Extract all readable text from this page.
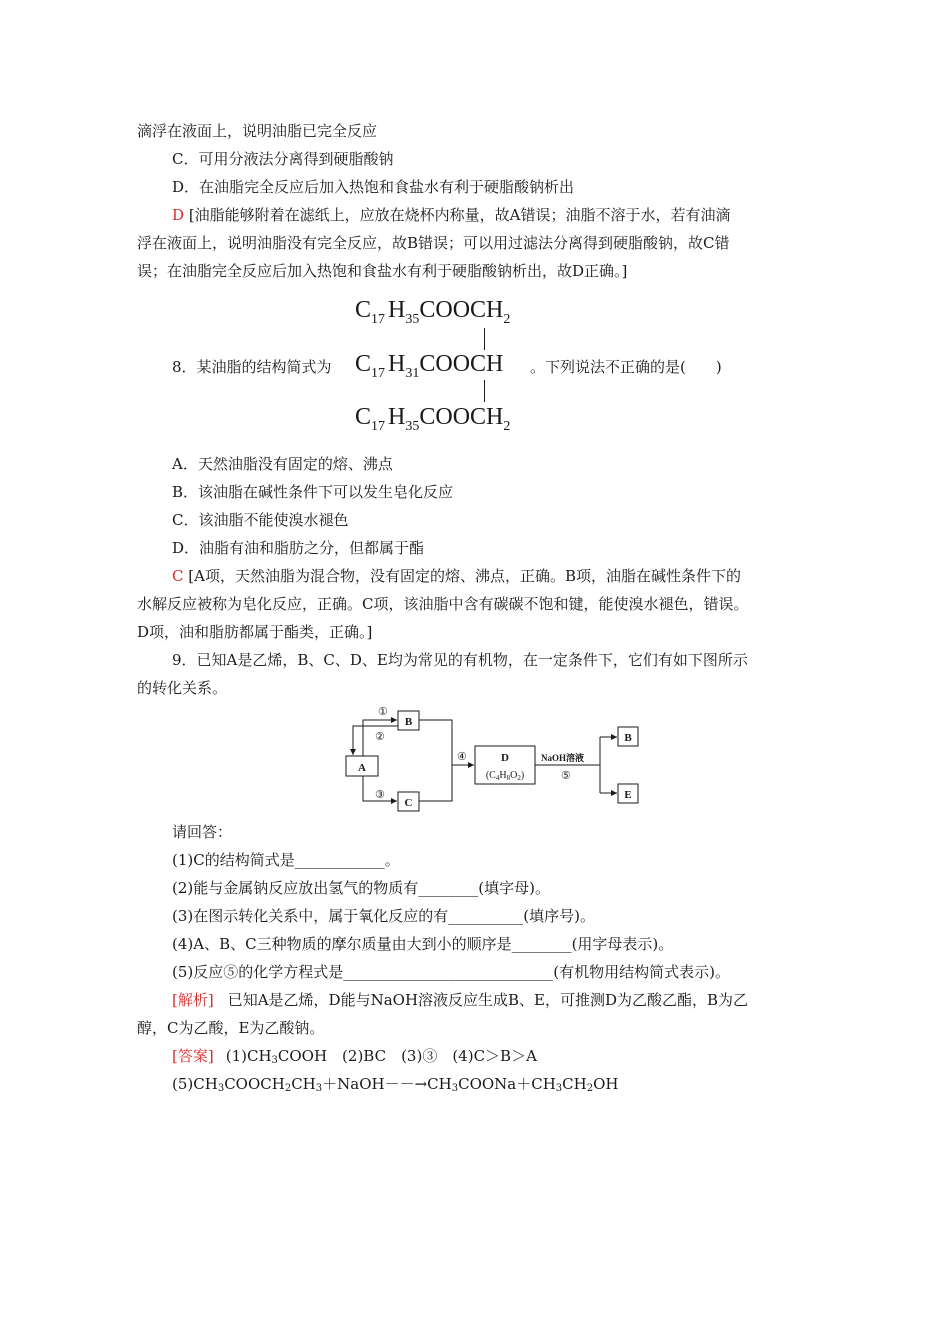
滴浮在液面上，说明油脂已完全反应
C．可用分液法分离得到硬脂酸钠
D．在油脂完全反应后加入热饱和食盐水有利于硬脂酸钠析出
D [油脂能够附着在滤纸上，应放在烧杯内称量，故A错误；油脂不溶于水，若有油滴
浮在液面上，说明油脂没有完全反应，故B错误；可以用过滤法分离得到硬脂酸钠，故C错
误；在油脂完全反应后加入热饱和食盐水有利于硬脂酸钠析出，故D正确。]
$C_{17}$ $H_{35}COOCH_2$
$C_{17}$ $H_{31}COOCH$
$C_{17}$ $H_{35}COOCH_2$
8．某油脂的结构简式为	。下列说法不正确的是(　　)
A．天然油脂没有固定的熔、沸点
B．该油脂在碱性条件下可以发生皂化反应
C．该油脂不能使溴水褪色
D．油脂有油和脂肪之分，但都属于酯
C [A项，天然油脂为混合物，没有固定的熔、沸点，正确。B项，油脂在碱性条件下的
水解反应被称为皂化反应，正确。C项，该油脂中含有碳碳不饱和键，能使溴水褪色，错误。
D项，油和脂肪都属于酯类，正确。]
9．已知A是乙烯，B、C、D、E均为常见的有机物，在一定条件下，它们有如下图所示
的转化关系。
A
B
C
D
$(C_4H_8O_2)$
B
E
①
②
③
④	NaOH溶液
⑤
请回答：
(1)C的结构简式是____________。
(2)能与金属钠反应放出氢气的物质有________(填字母)。
(3)在图示转化关系中，属于氧化反应的有__________(填序号)。
(4)A、B、C三种物质的摩尔质量由大到小的顺序是________(用字母表示)。
(5)反应⑤的化学方程式是____________________________(有机物用结构简式表示)。
[解析] 已知A是乙烯，D能与NaOH溶液反应生成B、E，可推测D为乙酸乙酯，B为乙
醇，C为乙酸，E为乙酸钠。
[答案] $(1)CH_3COOH$　(2)BC　(3)③　(4)C＞B＞A
$(5)CH_3COOCH_2CH_3+NaOH--\to CH_3COONa+CH_3CH_2OH$
